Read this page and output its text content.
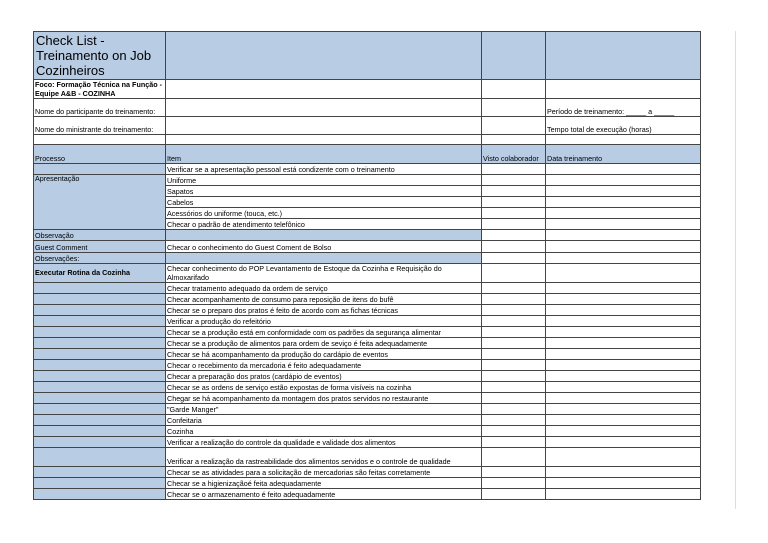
Check List - Treinamento on Job Cozinheiros			
Foco: Formação Técnica na Função - Equipe A&B - COZINHA			
Nome do participante do treinamento:			Período de treinamento: _____ a _____
Nome do ministrante do treinamento:			Tempo total de execução (horas)

Processo	Item	Visto colaborador	Data treinamento
	Verificar se a apresentação pessoal está condizente com o treinamento		
Apresentação	Uniforme		
	Sapatos		
	Cabelos		
	Acessórios do uniforme (touca, etc.)		
	Checar o padrão de atendimento telefônico		
Observação			
Guest Comment	Checar o conhecimento do Guest Coment de Bolso		
Observações:			
Executar Rotina da Cozinha	Checar conhecimento do POP Levantamento de Estoque da Cozinha e Requisição do Almoxarifado		
	Checar tratamento adequado da ordem de serviço		
	Checar acompanhamento de consumo para reposição de itens do bufê		
	Checar se o preparo dos pratos é feito de acordo com as fichas técnicas		
	Verificar a produção do refeitório		
	Checar se a produção está em conformidade com os padrões da segurança alimentar		
	Checar se a produção de alimentos para ordem de seviço é feita adequadamente		
	Checar se há acompanhamento da produção do cardápio de eventos		
	Checar o recebimento da mercadoria é feito adequadamente		
	Checar a preparação dos pratos (cardápio de eventos)		
	Checar se as ordens de serviço estão expostas de forma visíveis na cozinha		
	Chegar se há acompanhamento da montagem dos pratos servidos no restaurante		
	"Garde Manger"		
	Confeitaria		
	Cozinha		
	Verificar a realização do controle da qualidade e validade dos alimentos		
	Verificar a realização da rastreabilidade dos alimentos servidos e o controle de qualidade		
	Checar se as atividades para a solicitação de mercadorias são feitas corretamente		
	Checar se a higienizaçãoé feita adequadamente		
	Checar se o armazenamento é feito adequadamente		
